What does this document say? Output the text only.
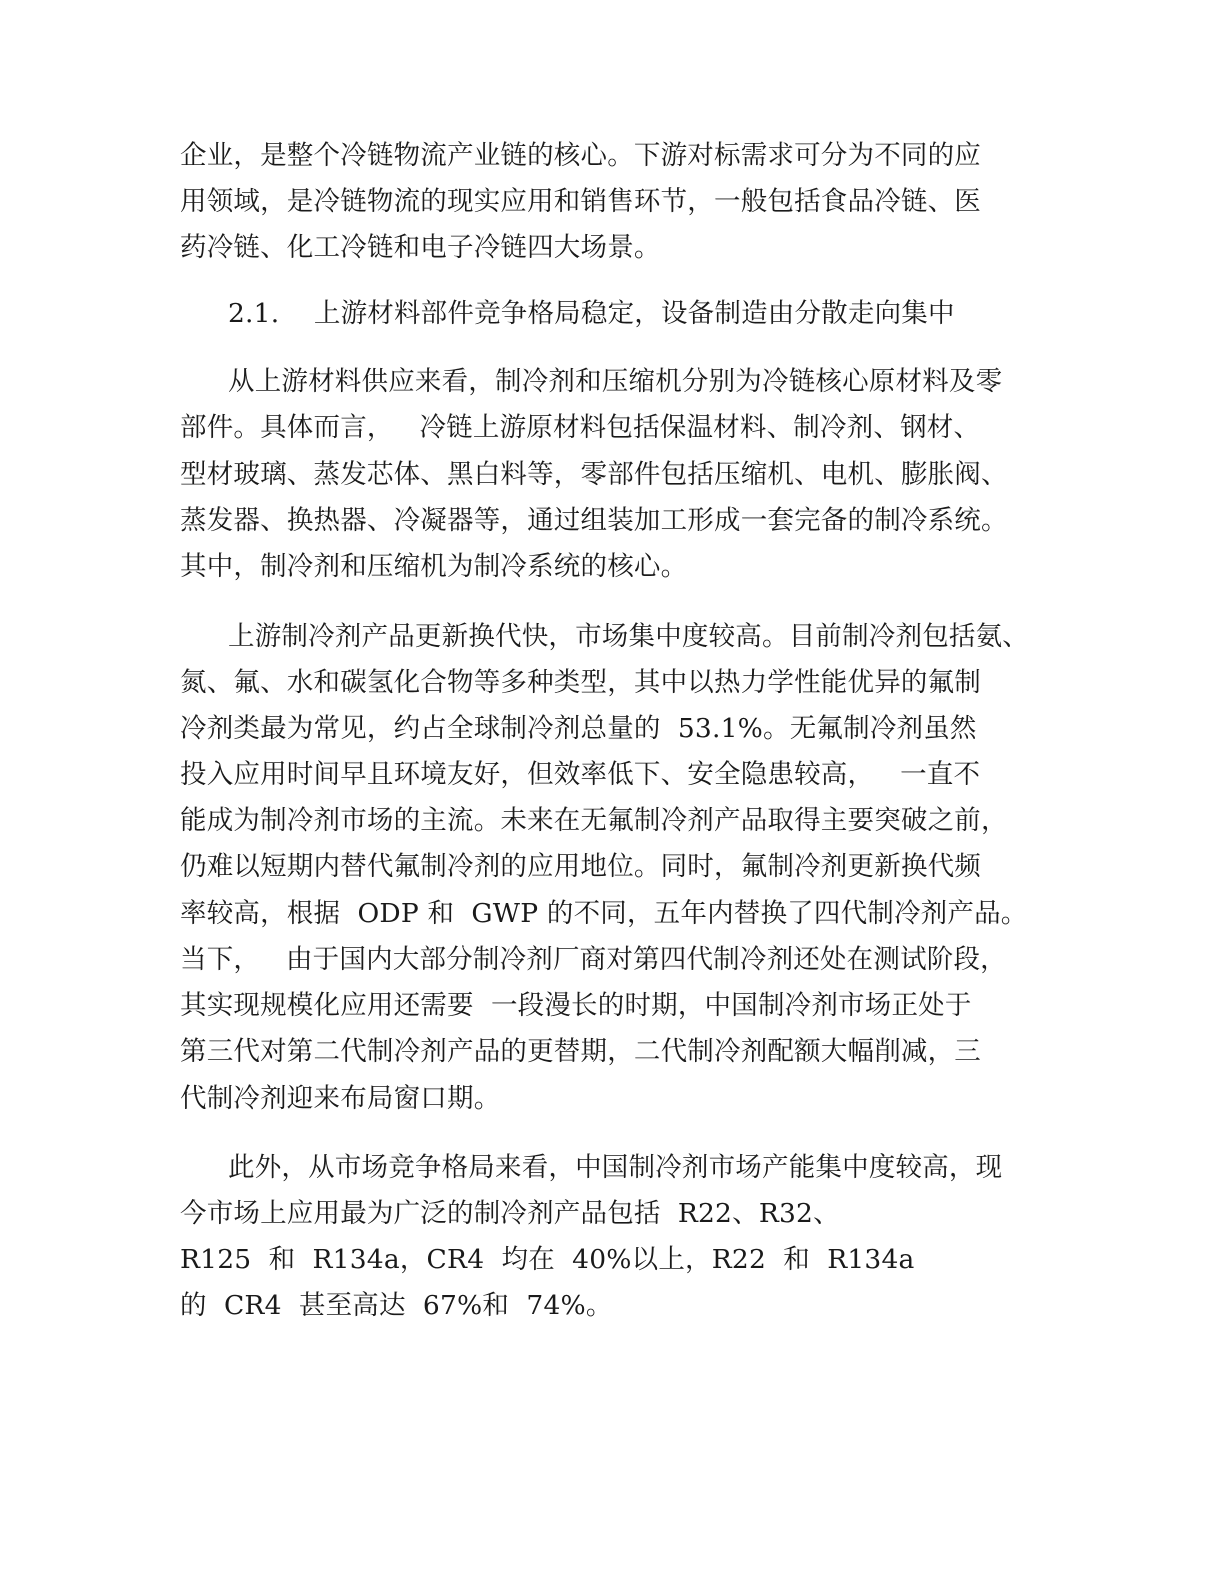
企业，是整个冷链物流产业链的核心。下游对标需求可分为不同的应

用领域，是冷链物流的现实应用和销售环节，一般包括食品冷链、医

药冷链、化工冷链和电子冷链四大场景。

2.1. 上游材料部件竞争格局稳定，设备制造由分散走向集中

从上游材料供应来看，制冷剂和压缩机分别为冷链核心原材料及零

部件。具体而言，   冷链上游原材料包括保温材料、制冷剂、钢材、

型材玻璃、蒸发芯体、黑白料等，零部件包括压缩机、电机、膨胀阀、

蒸发器、换热器、冷凝器等，通过组装加工形成一套完备的制冷系统。

其中，制冷剂和压缩机为制冷系统的核心。

上游制冷剂产品更新换代快，市场集中度较高。目前制冷剂包括氨、

氮、氟、水和碳氢化合物等多种类型，其中以热力学性能优异的氟制

冷剂类最为常见，约占全球制冷剂总量的  53.1%。无氟制冷剂虽然

投入应用时间早且环境友好，但效率低下、安全隐患较高，   一直不

能成为制冷剂市场的主流。未来在无氟制冷剂产品取得主要突破之前，

仍难以短期内替代氟制冷剂的应用地位。同时，氟制冷剂更新换代频

率较高，根据  ODP 和  GWP 的不同，五年内替换了四代制冷剂产品。

当下，   由于国内大部分制冷剂厂商对第四代制冷剂还处在测试阶段，

其实现规模化应用还需要  一段漫长的时期，中国制冷剂市场正处于

第三代对第二代制冷剂产品的更替期，二代制冷剂配额大幅削减，三

代制冷剂迎来布局窗口期。

此外，从市场竞争格局来看，中国制冷剂市场产能集中度较高，现

今市场上应用最为广泛的制冷剂产品包括  R22、R32、

R125  和  R134a，CR4  均在  40%以上，R22  和  R134a

的  CR4  甚至高达  67%和  74%。
